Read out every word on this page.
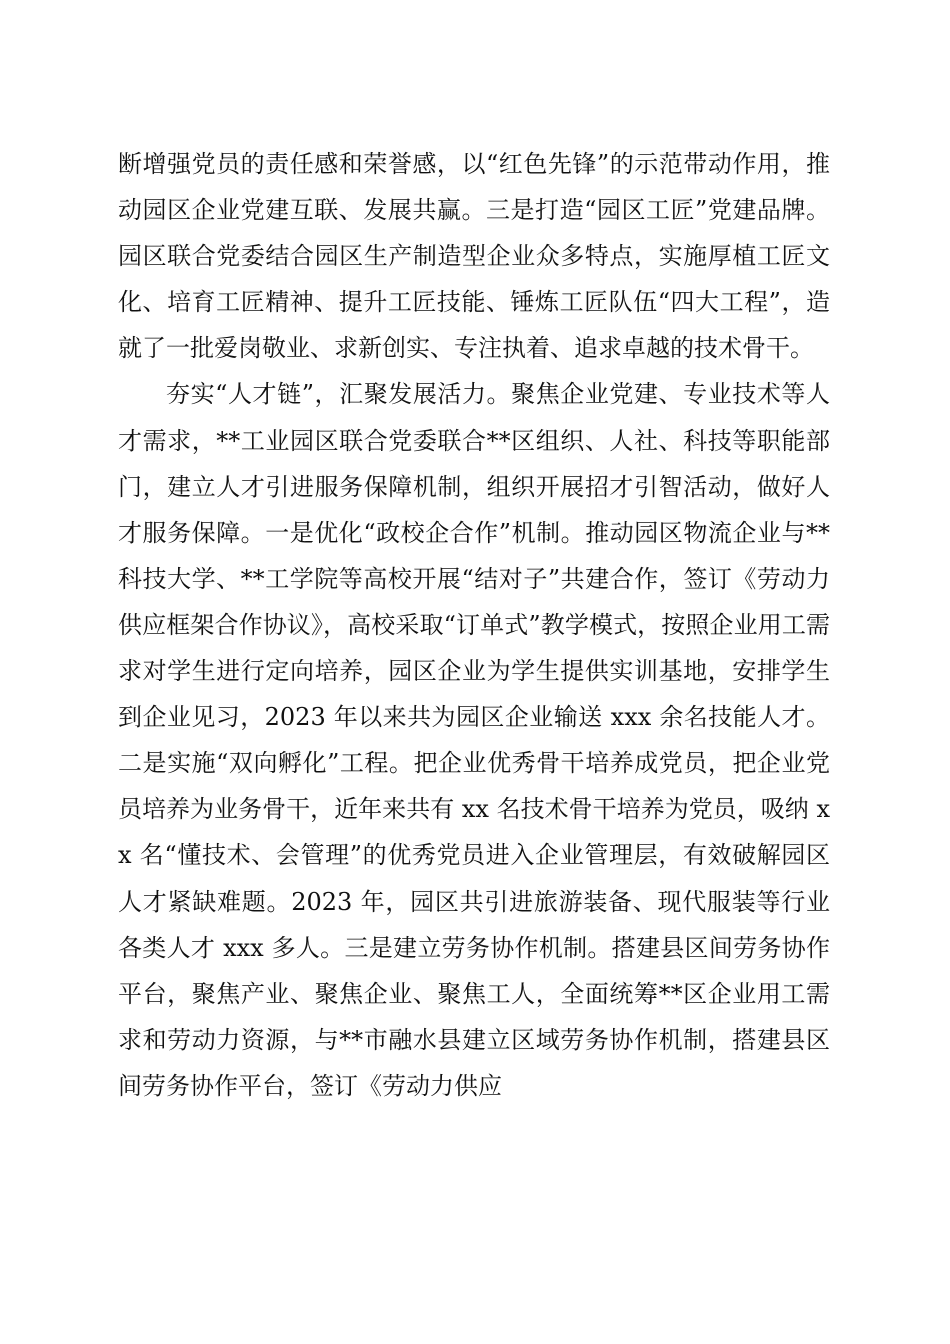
断增强党员的责任感和荣誉感，以“红色先锋”的示范带动作用，推动园区企业党建互联、发展共赢。三是打造“园区工匠”党建品牌。园区联合党委结合园区生产制造型企业众多特点，实施厚植工匠文化、培育工匠精神、提升工匠技能、锤炼工匠队伍“四大工程”，造就了一批爱岗敬业、求新创实、专注执着、追求卓越的技术骨干。

夯实“人才链”，汇聚发展活力。聚焦企业党建、专业技术等人才需求，**工业园区联合党委联合**区组织、人社、科技等职能部门，建立人才引进服务保障机制，组织开展招才引智活动，做好人才服务保障。一是优化“政校企合作”机制。推动园区物流企业与**科技大学、**工学院等高校开展“结对子”共建合作，签订《劳动力供应框架合作协议》，高校采取“订单式”教学模式，按照企业用工需求对学生进行定向培养，园区企业为学生提供实训基地，安排学生到企业见习，2023 年以来共为园区企业输送 xxx 余名技能人才。二是实施“双向孵化”工程。把企业优秀骨干培养成党员，把企业党员培养为业务骨干，近年来共有 xx 名技术骨干培养为党员，吸纳 xx 名“懂技术、会管理”的优秀党员进入企业管理层，有效破解园区人才紧缺难题。2023 年，园区共引进旅游装备、现代服装等行业各类人才 xxx 多人。三是建立劳务协作机制。搭建县区间劳务协作平台，聚焦产业、聚焦企业、聚焦工人，全面统筹**区企业用工需求和劳动力资源，与**市融水县建立区域劳务协作机制，搭建县区间劳务协作平台，签订《劳动力供应
